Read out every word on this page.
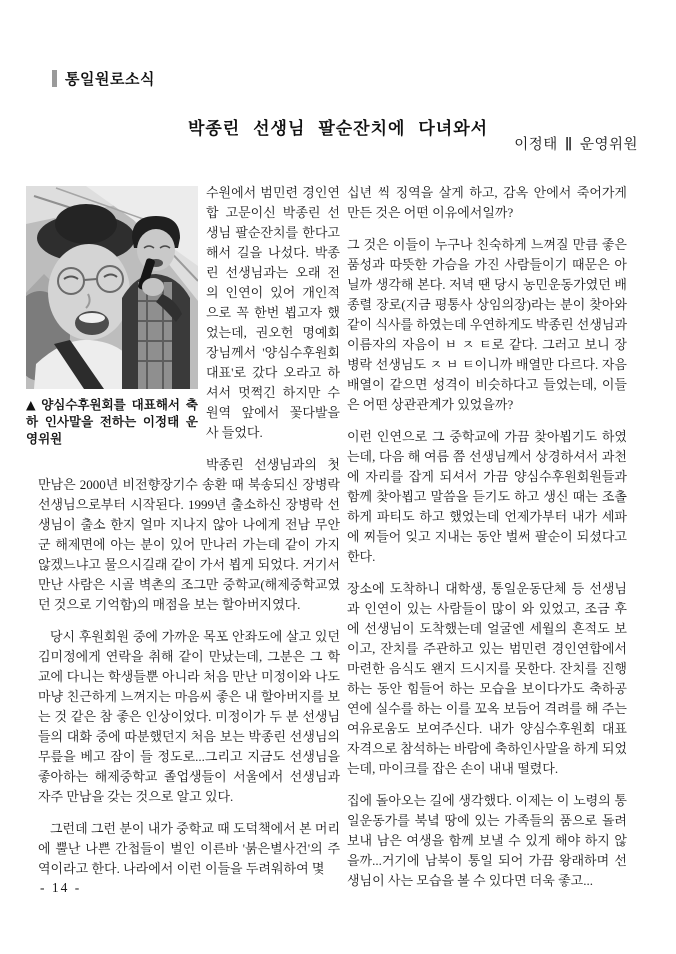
통일원로소식
박종린 선생님 팔순잔치에 다녀와서
이정태 ∥ 운영위원
▲ 양심수후원회를 대표해서 축하 인사말을 전하는 이정태 운영위원

수원에서 범민련 경인연합 고문이신 박종린 선생님 팔순잔치를 한다고 해서 길을 나섰다. 박종린 선생님과는 오래 전의 인연이 있어 개인적으로 꼭 한번 뵙고자 했었는데, 권오헌 명예회장님께서 '양심수후원회 대표'로 갔다 오라고 하셔서 멋쩍긴 하지만 수원역 앞에서 꽃다발을 사 들었다.

박종린 선생님과의 첫 만남은 2000년 비전향장기수 송환 때 북송되신 장병락 선생님으로부터 시작된다. 1999년 출소하신 장병락 선생님이 출소 한지 얼마 지나지 않아 나에게 전남 무안군 해제면에 아는 분이 있어 만나러 가는데 같이 가지 않겠느냐고 물으시길래 같이 가서 뵙게 되었다. 거기서 만난 사람은 시골 벽촌의 조그만 중학교(해제중학교였던 것으로 기억함)의 매점을 보는 할아버지였다.

당시 후원회원 중에 가까운 목포 안좌도에 살고 있던 김미정에게 연락을 취해 같이 만났는데, 그분은 그 학교에 다니는 학생들뿐 아니라 처음 만난 미정이와 나도 마냥 친근하게 느껴지는 마음씨 좋은 내 할아버지를 보는 것 같은 참 좋은 인상이었다. 미정이가 두 분 선생님들의 대화 중에 따분했던지 처음 보는 박종린 선생님의 무릎을 베고 잠이 들 정도로...그리고 지금도 선생님을 좋아하는 해제중학교 졸업생들이 서울에서 선생님과 자주 만남을 갖는 것으로 알고 있다.

그런데 그런 분이 내가 중학교 때 도덕책에서 본 머리에 뿔난 나쁜 간첩들이 벌인 이른바 '붉은별사건'의 주역이라고 한다. 나라에서 이런 이들을 두려워하여 몇

십년 씩 징역을 살게 하고, 감옥 안에서 죽어가게 만든 것은 어떤 이유에서일까?

그 것은 이들이 누구나 친숙하게 느껴질 만큼 좋은 품성과 따뜻한 가슴을 가진 사람들이기 때문은 아닐까 생각해 본다. 저녁 땐 당시 농민운동가였던 배종렬 장로(지금 평통사 상임의장)라는 분이 찾아와 같이 식사를 하였는데 우연하게도 박종린 선생님과 이름자의 자음이 ㅂ ㅈ ㅌ로 같다. 그러고 보니 장병락 선생님도 ㅈ ㅂ ㅌ이니까 배열만 다르다. 자음배열이 같으면 성격이 비슷하다고 들었는데, 이들은 어떤 상관관계가 있었을까?

이런 인연으로 그 중학교에 가끔 찾아뵙기도 하였는데, 다음 해 여름 쯤 선생님께서 상경하셔서 과천에 자리를 잡게 되셔서 가끔 양심수후원회원들과 함께 찾아뵙고 말씀을 듣기도 하고 생신 때는 조촐하게 파티도 하고 했었는데 언제가부터 내가 세파에 찌들어 잊고 지내는 동안 벌써 팔순이 되셨다고 한다.

장소에 도착하니 대학생, 통일운동단체 등 선생님과 인연이 있는 사람들이 많이 와 있었고, 조금 후에 선생님이 도착했는데 얼굴엔 세월의 흔적도 보이고, 잔치를 주관하고 있는 범민련 경인연합에서 마련한 음식도 왠지 드시지를 못한다. 잔치를 진행하는 동안 힘들어 하는 모습을 보이다가도 축하공연에 실수를 하는 이를 꼬옥 보듬어 격려를 해 주는 여유로움도 보여주신다. 내가 양심수후원회 대표 자격으로 참석하는 바람에 축하인사말을 하게 되었는데, 마이크를 잡은 손이 내내 떨렸다.

집에 돌아오는 길에 생각했다. 이제는 이 노령의 통일운동가를 북녘 땅에 있는 가족들의 품으로 돌려보내 남은 여생을 함께 보낼 수 있게 해야 하지 않을까...거기에 남북이 통일 되어 가끔 왕래하며 선생님이 사는 모습을 볼 수 있다면 더욱 좋고...

- 14 -
